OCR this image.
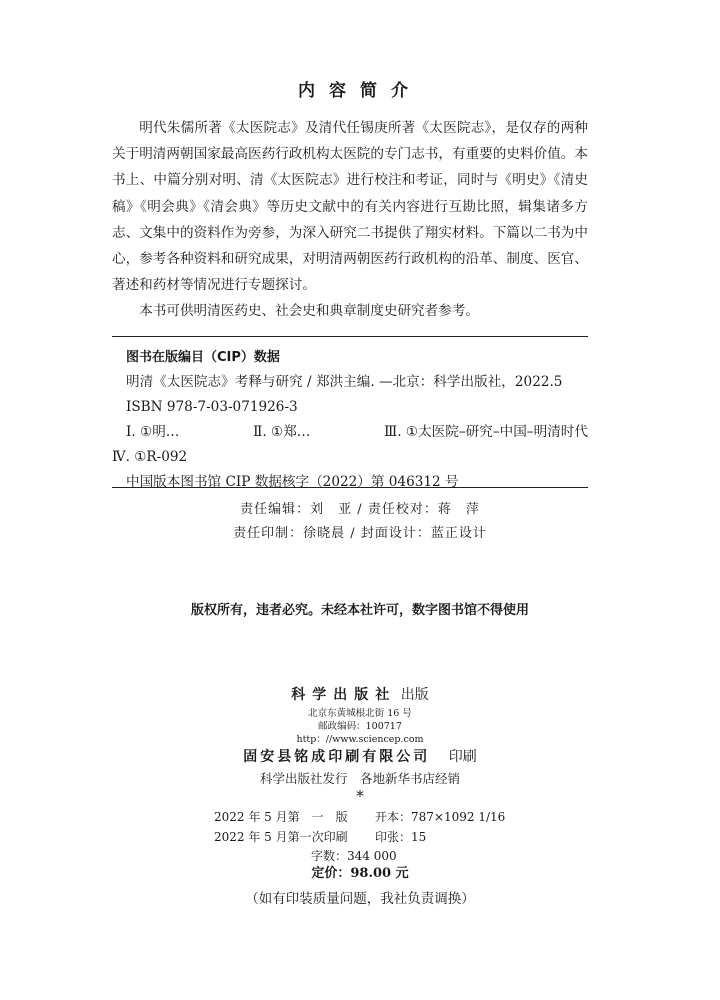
内容简介

明代朱儒所著《太医院志》及清代任锡庚所著《太医院志》，是仅存的两种关于明清两朝国家最高医药行政机构太医院的专门志书，有重要的史料价值。本书上、中篇分别对明、清《太医院志》进行校注和考证，同时与《明史》《清史稿》《明会典》《清会典》等历史文献中的有关内容进行互勘比照，辑集诸多方志、文集中的资料作为旁参，为深入研究二书提供了翔实材料。下篇以二书为中心，参考各种资料和研究成果，对明清两朝医药行政机构的沿革、制度、医官、著述和药材等情况进行专题探讨。

本书可供明清医药史、社会史和典章制度史研究者参考。

图书在版编目（CIP）数据
明清《太医院志》考释与研究 / 郑洪主编. —北京：科学出版社，2022.5
ISBN 978-7-03-071926-3
Ⅰ. ①明…	Ⅱ. ①郑…	Ⅲ. ①太医院–研究–中国–明清时代
Ⅳ. ①R-092
中国版本图书馆 CIP 数据核字（2022）第 046312 号
责任编辑：刘　亚 / 责任校对：蒋　萍
责任印制：徐晓晨 / 封面设计：蓝正设计
版权所有，违者必究。未经本社许可，数字图书馆不得使用
科学出版社 出版
北京东黄城根北街 16 号
邮政编码：100717
http：//www.sciencep.com
固安县铭成印刷有限公司 印刷
科学出版社发行　各地新华书店经销
*
2022 年 5 月第　一　版 开本：787×1092 1/16
2022 年 5 月第一次印刷 印张：15
字数：344 000
定价：98.00 元
（如有印装质量问题，我社负责调换）
